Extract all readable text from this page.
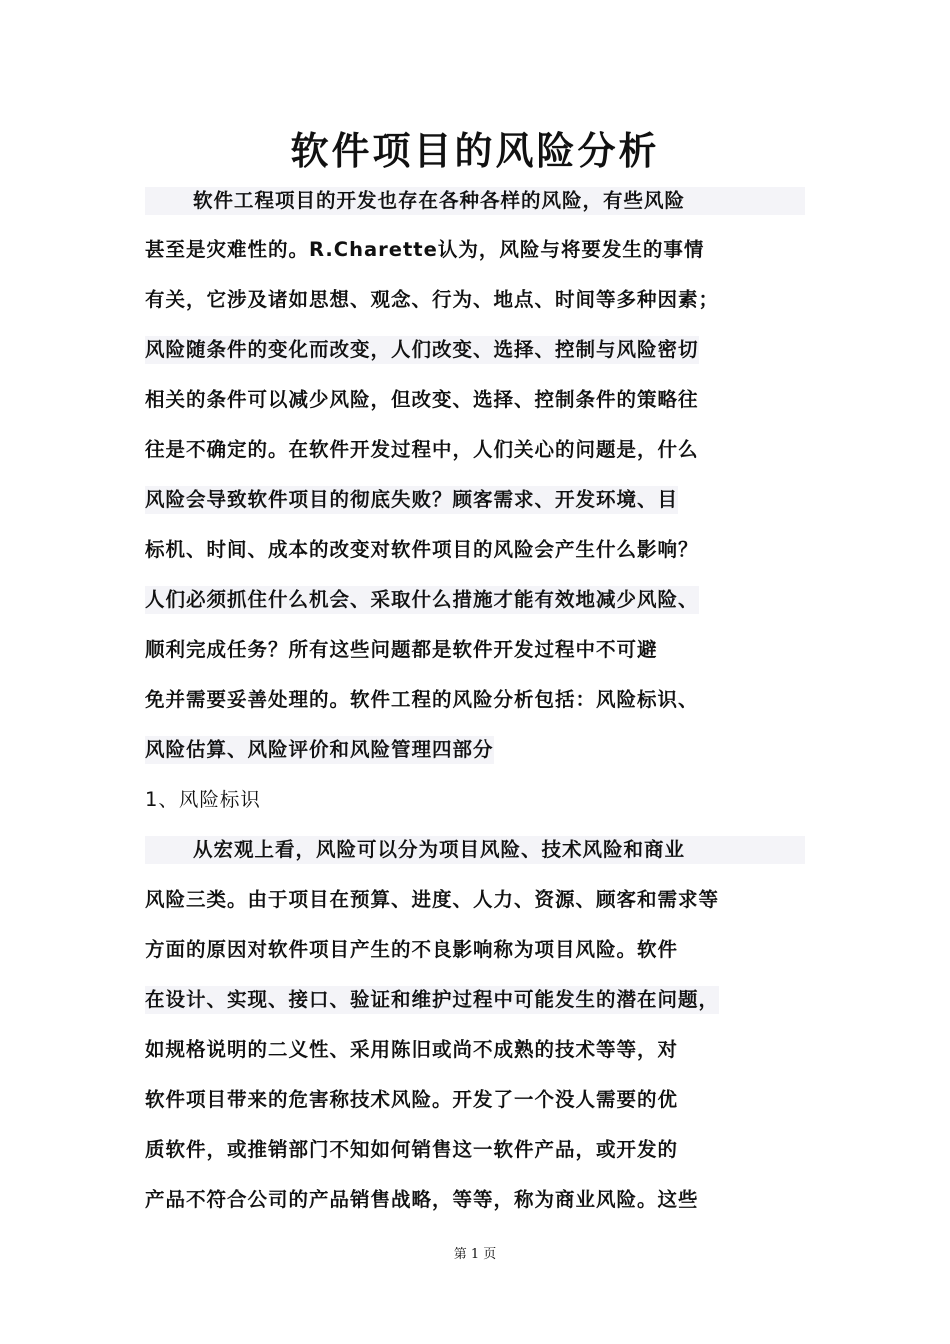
软件项目的风险分析
软件工程项目的开发也存在各种各样的风险，有些风险
甚至是灾难性的。R.Charette认为，风险与将要发生的事情
有关，它涉及诸如思想、观念、行为、地点、时间等多种因素；
风险随条件的变化而改变，人们改变、选择、控制与风险密切
相关的条件可以减少风险，但改变、选择、控制条件的策略往
往是不确定的。在软件开发过程中，人们关心的问题是，什么
风险会导致软件项目的彻底失败？顾客需求、开发环境、目
标机、时间、成本的改变对软件项目的风险会产生什么影响？
人们必须抓住什么机会、采取什么措施才能有效地减少风险、
顺利完成任务？所有这些问题都是软件开发过程中不可避
免并需要妥善处理的。软件工程的风险分析包括：风险标识、
风险估算、风险评价和风险管理四部分
1、风险标识
从宏观上看，风险可以分为项目风险、技术风险和商业
风险三类。由于项目在预算、进度、人力、资源、顾客和需求等
方面的原因对软件项目产生的不良影响称为项目风险。软件
在设计、实现、接口、验证和维护过程中可能发生的潜在问题，
如规格说明的二义性、采用陈旧或尚不成熟的技术等等，对
软件项目带来的危害称技术风险。开发了一个没人需要的优
质软件，或推销部门不知如何销售这一软件产品，或开发的
产品不符合公司的产品销售战略，等等，称为商业风险。这些
第 1 页
